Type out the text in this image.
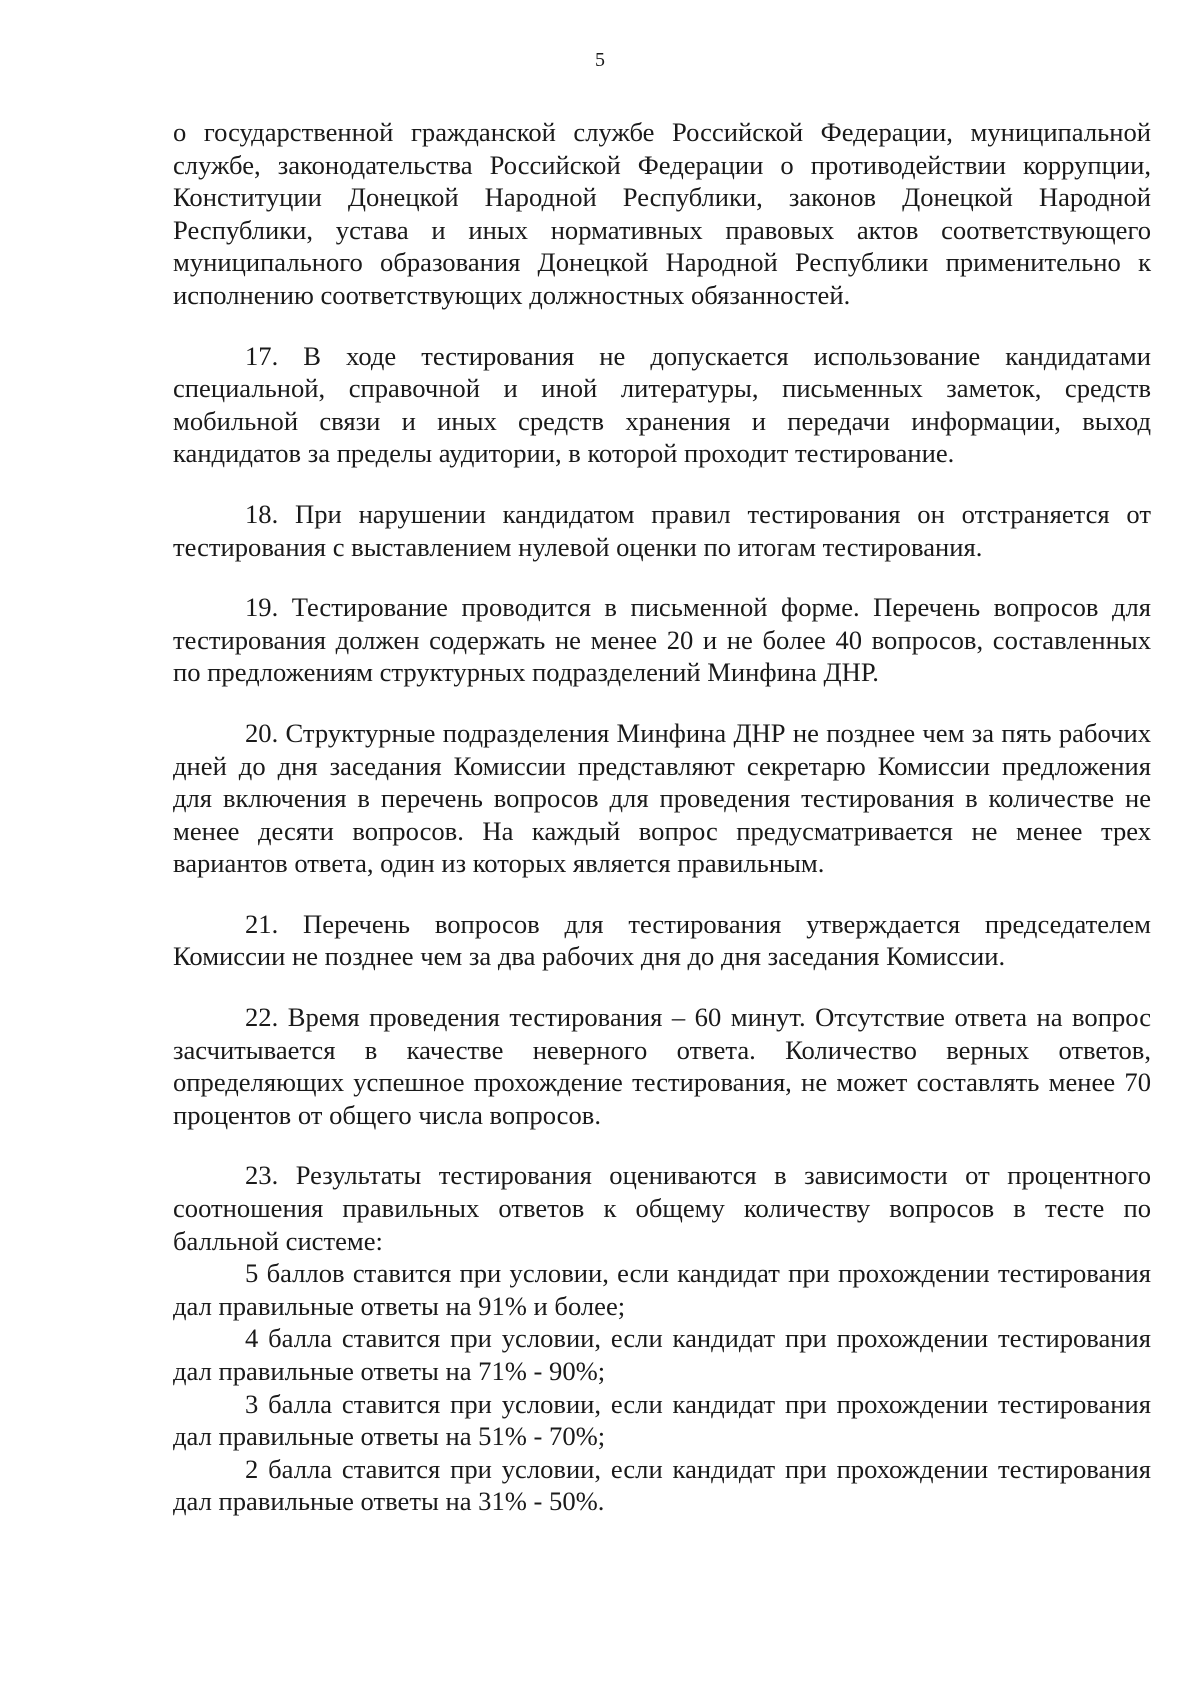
5

о государственной гражданской службе Российской Федерации, муниципальной службе, законодательства Российской Федерации о противодействии коррупции, Конституции Донецкой Народной Республики, законов Донецкой Народной Республики, устава и иных нормативных правовых актов соответствующего муниципального образования Донецкой Народной Республики применительно к исполнению соответствующих должностных обязанностей.

17. В ходе тестирования не допускается использование кандидатами специальной, справочной и иной литературы, письменных заметок, средств мобильной связи и иных средств хранения и передачи информации, выход кандидатов за пределы аудитории, в которой проходит тестирование.

18. При нарушении кандидатом правил тестирования он отстраняется от тестирования с выставлением нулевой оценки по итогам тестирования.

19. Тестирование проводится в письменной форме. Перечень вопросов для тестирования должен содержать не менее 20 и не более 40 вопросов, составленных по предложениям структурных подразделений Минфина ДНР.

20. Структурные подразделения Минфина ДНР не позднее чем за пять рабочих дней до дня заседания Комиссии представляют секретарю Комиссии предложения для включения в перечень вопросов для проведения тестирования в количестве не менее десяти вопросов. На каждый вопрос предусматривается не менее трех вариантов ответа, один из которых является правильным.

21. Перечень вопросов для тестирования утверждается председателем Комиссии не позднее чем за два рабочих дня до дня заседания Комиссии.

22. Время проведения тестирования – 60 минут. Отсутствие ответа на вопрос засчитывается в качестве неверного ответа. Количество верных ответов, определяющих успешное прохождение тестирования, не может составлять менее 70 процентов от общего числа вопросов.

23. Результаты тестирования оцениваются в зависимости от процентного соотношения правильных ответов к общему количеству вопросов в тесте по балльной системе:

5 баллов ставится при условии, если кандидат при прохождении тестирования дал правильные ответы на 91% и более;

4 балла ставится при условии, если кандидат при прохождении тестирования дал правильные ответы на 71% - 90%;

3 балла ставится при условии, если кандидат при прохождении тестирования дал правильные ответы на 51% - 70%;

2 балла ставится при условии, если кандидат при прохождении тестирования дал правильные ответы на 31% - 50%.
